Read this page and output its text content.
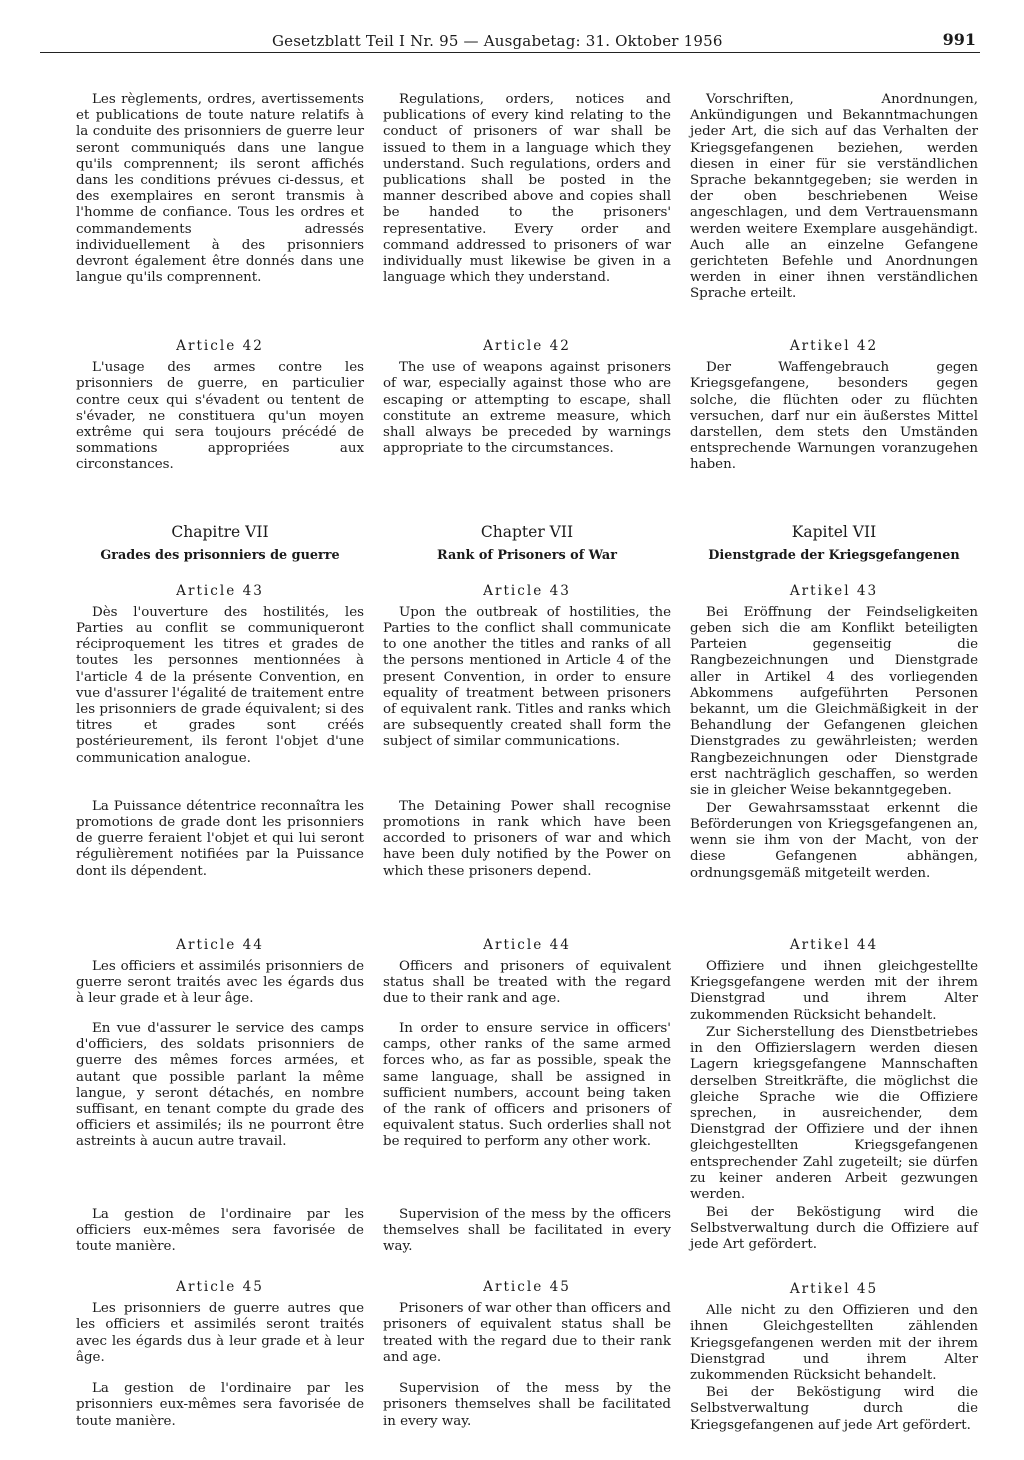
Gesetzblatt Teil I Nr. 95 — Ausgabetag: 31. Oktober 1956	991

Les règlements, ordres, avertissements et publications de toute nature relatifs à la conduite des prisonniers de guerre leur seront communiqués dans une langue qu'ils comprennent; ils seront affichés dans les conditions prévues ci-dessus, et des exemplaires en seront transmis à l'homme de confiance. Tous les ordres et commandements adressés individuellement à des prisonniers devront également être donnés dans une langue qu'ils comprennent.

Article 42

L'usage des armes contre les prisonniers de guerre, en particulier contre ceux qui s'évadent ou tentent de s'évader, ne constituera qu'un moyen extrême qui sera toujours précédé de sommations appropriées aux circonstances.

Chapitre VII
Grades des prisonniers de guerre
Article 43

Dès l'ouverture des hostilités, les Parties au conflit se communiqueront réciproquement les titres et grades de toutes les personnes mentionnées à l'article 4 de la présente Convention, en vue d'assurer l'égalité de traitement entre les prisonniers de grade équivalent; si des titres et grades sont créés postérieurement, ils feront l'objet d'une communication analogue.

La Puissance détentrice reconnaîtra les promotions de grade dont les prisonniers de guerre feraient l'objet et qui lui seront régulièrement notifiées par la Puissance dont ils dépendent.

Article 44

Les officiers et assimilés prisonniers de guerre seront traités avec les égards dus à leur grade et à leur âge.

En vue d'assurer le service des camps d'officiers, des soldats prisonniers de guerre des mêmes forces armées, et autant que possible parlant la même langue, y seront détachés, en nombre suffisant, en tenant compte du grade des officiers et assimilés; ils ne pourront être astreints à aucun autre travail.

La gestion de l'ordinaire par les officiers eux-mêmes sera favorisée de toute manière.

Article 45

Les prisonniers de guerre autres que les officiers et assimilés seront traités avec les égards dus à leur grade et à leur âge.

La gestion de l'ordinaire par les prisonniers eux-mêmes sera favorisée de toute manière.

Regulations, orders, notices and publications of every kind relating to the conduct of prisoners of war shall be issued to them in a language which they understand. Such regulations, orders and publications shall be posted in the manner described above and copies shall be handed to the prisoners' representative. Every order and command addressed to prisoners of war individually must likewise be given in a language which they understand.

Article 42

The use of weapons against prisoners of war, especially against those who are escaping or attempting to escape, shall constitute an extreme measure, which shall always be preceded by warnings appropriate to the circumstances.

Chapter VII
Rank of Prisoners of War
Article 43

Upon the outbreak of hostilities, the Parties to the conflict shall communicate to one another the titles and ranks of all the persons mentioned in Article 4 of the present Convention, in order to ensure equality of treatment between prisoners of equivalent rank. Titles and ranks which are subsequently created shall form the subject of similar communications.

The Detaining Power shall recognise promotions in rank which have been accorded to prisoners of war and which have been duly notified by the Power on which these prisoners depend.

Article 44

Officers and prisoners of equivalent status shall be treated with the regard due to their rank and age.

In order to ensure service in officers' camps, other ranks of the same armed forces who, as far as possible, speak the same language, shall be assigned in sufficient numbers, account being taken of the rank of officers and prisoners of equivalent status. Such orderlies shall not be required to perform any other work.

Supervision of the mess by the officers themselves shall be facilitated in every way.

Article 45

Prisoners of war other than officers and prisoners of equivalent status shall be treated with the regard due to their rank and age.

Supervision of the mess by the prisoners themselves shall be facilitated in every way.

Vorschriften, Anordnungen, Ankündigungen und Bekanntmachungen jeder Art, die sich auf das Verhalten der Kriegsgefangenen beziehen, werden diesen in einer für sie verständlichen Sprache bekanntgegeben; sie werden in der oben beschriebenen Weise angeschlagen, und dem Vertrauensmann werden weitere Exemplare ausgehändigt. Auch alle an einzelne Gefangene gerichteten Befehle und Anordnungen werden in einer ihnen verständlichen Sprache erteilt.

Artikel 42

Der Waffengebrauch gegen Kriegsgefangene, besonders gegen solche, die flüchten oder zu flüchten versuchen, darf nur ein äußerstes Mittel darstellen, dem stets den Umständen entsprechende Warnungen voranzugehen haben.

Kapitel VII
Dienstgrade der Kriegsgefangenen
Artikel 43

Bei Eröffnung der Feindseligkeiten geben sich die am Konflikt beteiligten Parteien gegenseitig die Rangbezeichnungen und Dienstgrade aller in Artikel 4 des vorliegenden Abkommens aufgeführten Personen bekannt, um die Gleichmäßigkeit in der Behandlung der Gefangenen gleichen Dienstgrades zu gewährleisten; werden Rangbezeichnungen oder Dienstgrade erst nachträglich geschaffen, so werden sie in gleicher Weise bekanntgegeben.

Der Gewahrsamsstaat erkennt die Beförderungen von Kriegsgefangenen an, wenn sie ihm von der Macht, von der diese Gefangenen abhängen, ordnungsgemäß mitgeteilt werden.

Artikel 44

Offiziere und ihnen gleichgestellte Kriegsgefangene werden mit der ihrem Dienstgrad und ihrem Alter zukommenden Rücksicht behandelt.

Zur Sicherstellung des Dienstbetriebes in den Offizierslagern werden diesen Lagern kriegsgefangene Mannschaften derselben Streitkräfte, die möglichst die gleiche Sprache wie die Offiziere sprechen, in ausreichender, dem Dienstgrad der Offiziere und der ihnen gleichgestellten Kriegsgefangenen entsprechender Zahl zugeteilt; sie dürfen zu keiner anderen Arbeit gezwungen werden.

Bei der Beköstigung wird die Selbstverwaltung durch die Offiziere auf jede Art gefördert.

Artikel 45

Alle nicht zu den Offizieren und den ihnen Gleichgestellten zählenden Kriegsgefangenen werden mit der ihrem Dienstgrad und ihrem Alter zukommenden Rücksicht behandelt.

Bei der Beköstigung wird die Selbstverwaltung durch die Kriegsgefangenen auf jede Art gefördert.
